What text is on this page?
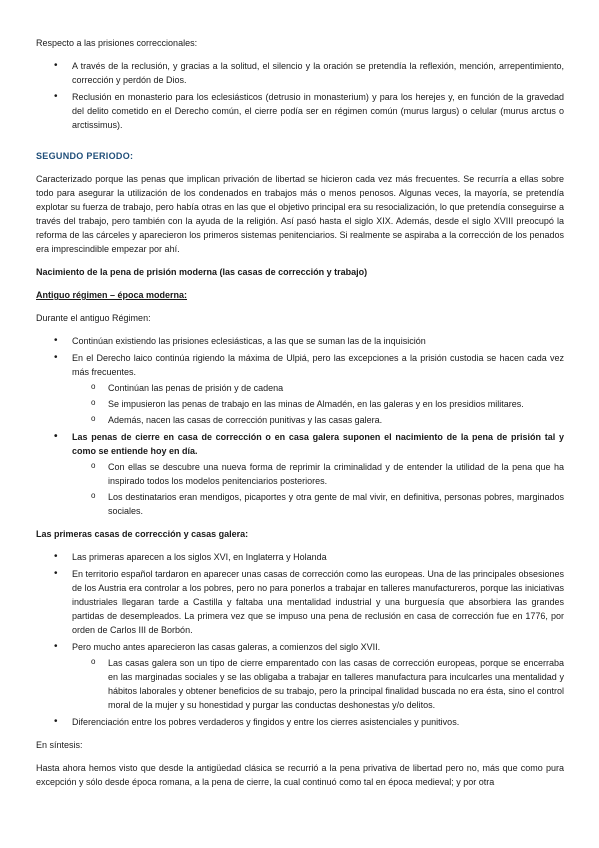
Respecto a las prisiones correccionales:

• A través de la reclusión, y gracias a la solitud, el silencio y la oración se pretendía la reflexión, mención, arrepentimiento, corrección y perdón de Dios.
• Reclusión en monasterio para los eclesiásticos (detrusio in monasterium) y para los herejes y, en función de la gravedad del delito cometido en el Derecho común, el cierre podía ser en régimen común (murus largus) o celular (murus arctus o arctissimus).

SEGUNDO PERIODO:

Caracterizado porque las penas que implican privación de libertad se hicieron cada vez más frecuentes. Se recurría a ellas sobre todo para asegurar la utilización de los condenados en trabajos más o menos penosos. Algunas veces, la mayoría, se pretendía explotar su fuerza de trabajo, pero había otras en las que el objetivo principal era su resocialización, lo que pretendía conseguirse a través del trabajo, pero también con la ayuda de la religión. Así pasó hasta el siglo XIX. Además, desde el siglo XVIII preocupó la reforma de las cárceles y aparecieron los primeros sistemas penitenciarios. Si realmente se aspiraba a la corrección de los penados era imprescindible empezar por ahí.

Nacimiento de la pena de prisión moderna (las casas de corrección y trabajo)

Antiguo régimen – época moderna:

Durante el antiguo Régimen:

• Continúan existiendo las prisiones eclesiásticas, a las que se suman las de la inquisición
• En el Derecho laico continúa rigiendo la máxima de Ulpiá, pero las excepciones a la prisión custodia se hacen cada vez más frecuentes.
o Continúan las penas de prisión y de cadena
o Se impusieron las penas de trabajo en las minas de Almadén, en las galeras y en los presidios militares.
o Además, nacen las casas de corrección punitivas y las casas galera.
• Las penas de cierre en casa de corrección o en casa galera suponen el nacimiento de la pena de prisión tal y como se entiende hoy en día.
o Con ellas se descubre una nueva forma de reprimir la criminalidad y de entender la utilidad de la pena que ha inspirado todos los modelos penitenciarios posteriores.
o Los destinatarios eran mendigos, picaportes y otra gente de mal vivir, en definitiva, personas pobres, marginados sociales.

Las primeras casas de corrección y casas galera:

• Las primeras aparecen a los siglos XVI, en Inglaterra y Holanda
• En territorio español tardaron en aparecer unas casas de corrección como las europeas. Una de las principales obsesiones de los Austria era controlar a los pobres, pero no para ponerlos a trabajar en talleres manufactureros, porque las iniciativas industriales llegaran tarde a Castilla y faltaba una mentalidad industrial y una burguesía que absorbiera las grandes partidas de desempleados. La primera vez que se impuso una pena de reclusión en casa de corrección fue en 1776, por orden de Carlos III de Borbón.
• Pero mucho antes aparecieron las casas galeras, a comienzos del siglo XVII.
o Las casas galera son un tipo de cierre emparentado con las casas de corrección europeas, porque se encerraba en las marginadas sociales y se las obligaba a trabajar en talleres manufactura para inculcarles una mentalidad y hábitos laborales y obtener beneficios de su trabajo, pero la principal finalidad buscada no era ésta, sino el control moral de la mujer y su honestidad y purgar las conductas deshonestas y/o delitos.
• Diferenciación entre los pobres verdaderos y fingidos y entre los cierres asistenciales y punitivos.

En síntesis:

Hasta ahora hemos visto que desde la antigüedad clásica se recurrió a la pena privativa de libertad pero no, más que como pura excepción y sólo desde época romana, a la pena de cierre, la cual continuó como tal en época medieval; y por otra
